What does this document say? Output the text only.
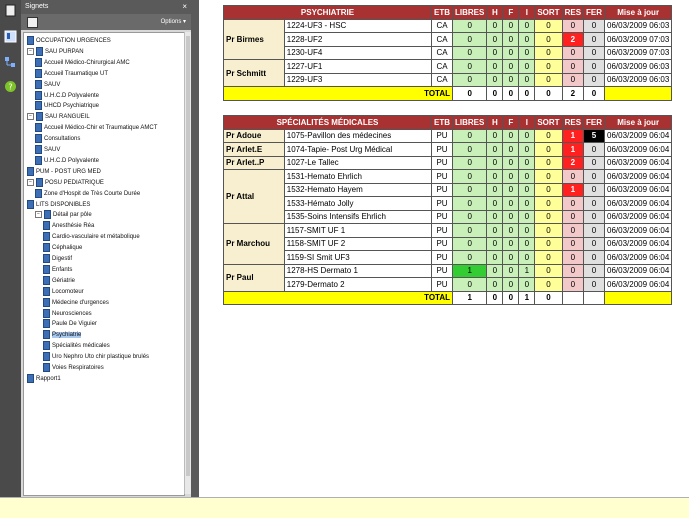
?
Signets	×
Options ▾
OCCUPATION URGENCES
− SAU PURPAN
Accueil Médico-Chirurgical AMC
Accueil Traumatique UT
SAUV
U.H.C.D Polyvalente
UHCD Psychiatrique
− SAU RANGUEIL
Accueil Médico-Chir et Traumatique AMCT
Consultations
SAUV
U.H.C.D Polyvalente
PUM - POST URG MED
− POSU PEDIATRIQUE
Zone d'Hospit de Très Courte Durée
LITS DISPONIBLES
− Détail par pôle
Anesthésie Réa
Cardio-vasculaire et métabolique
Céphalique
Digestif
Enfants
Gériatrie
Locomoteur
Médecine d'urgences
Neurosciences
Paule De Viguier
Psychiatrie
Spécialités médicales
Uro Nephro Uto chir plastique brulés
Voies Respiratoires
Rapport1
PSYCHIATRIE		ETB	LIBRES	H	F	I	SORT	RES	FER	Mise à jour
Pr Birmes	1224-UF3 - HSC	CA	0	0	0	0	0	0	0	06/03/2009 06:03
	1228-UF2	CA	0	0	0	0	0	2	0	06/03/2009 07:03
	1230-UF4	CA	0	0	0	0	0	0	0	06/03/2009 07:03
Pr Schmitt	1227-UF1	CA	0	0	0	0	0	0	0	06/03/2009 06:03
	1229-UF3	CA	0	0	0	0	0	0	0	06/03/2009 06:03
TOTAL			0	0	0	0	0	2	0	
SPÉCIALITÉS MÉDICALES		ETB	LIBRES	H	F	I	SORT	RES	FER	Mise à jour
Pr Adoue	1075-Pavillon des médecines	PU	0	0	0	0	0	1	5	06/03/2009 06:04
Pr Arlet.E	1074-Tapie- Post Urg Médical	PU	0	0	0	0	0	1	0	06/03/2009 06:04
Pr Arlet..P	1027-Le Tallec	PU	0	0	0	0	0	2	0	06/03/2009 06:04
Pr Attal	1531-Hemato Ehrlich	PU	0	0	0	0	0	0	0	06/03/2009 06:04
	1532-Hemato Hayem	PU	0	0	0	0	0	1	0	06/03/2009 06:04
	1533-Hémato Jolly	PU	0	0	0	0	0	0	0	06/03/2009 06:04
	1535-Soins Intensifs Ehrlich	PU	0	0	0	0	0	0	0	06/03/2009 06:04
Pr Marchou	1157-SMIT UF 1	PU	0	0	0	0	0	0	0	06/03/2009 06:04
	1158-SMIT UF 2	PU	0	0	0	0	0	0	0	06/03/2009 06:04
	1159-SI Smit UF3	PU	0	0	0	0	0	0	0	06/03/2009 06:04
Pr Paul	1278-HS Dermato 1	PU	1	0	0	1	0	0	0	06/03/2009 06:04
	1279-Dermato 2	PU	0	0	0	0	0	0	0	06/03/2009 06:04
TOTAL			1	0	0	1	0	5	5	
